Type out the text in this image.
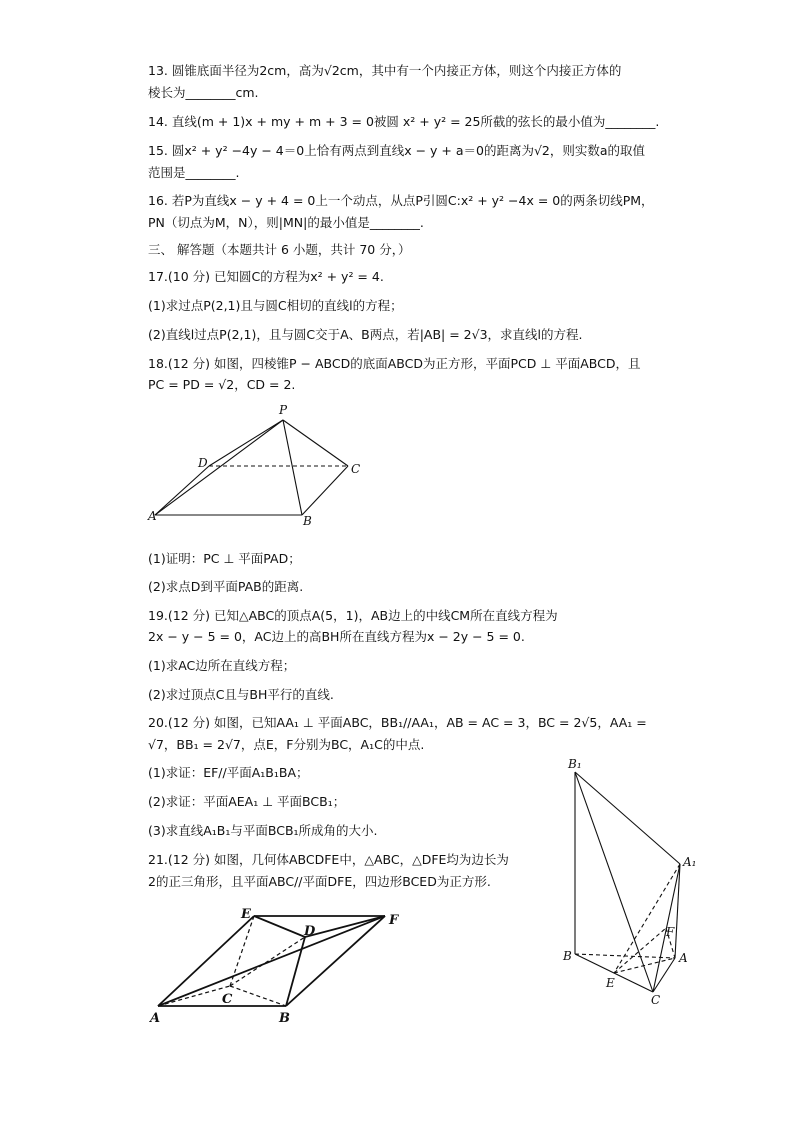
13. 圆锥底面半径为2cm，高为√2cm，其中有一个内接正方体，则这个内接正方体的
棱长为________cm.
14. 直线(m + 1)x + my + m + 3 = 0被圆 x² + y² = 25所截的弦长的最小值为________.
15. 圆x² + y² −4y − 4＝0上恰有两点到直线x − y + a＝0的距离为√2，则实数a的取值
范围是________.
16. 若P为直线x − y + 4 = 0上一个动点，从点P引圆C:x² + y² −4x = 0的两条切线PM，
PN（切点为M，N），则|MN|的最小值是________.
三、 解答题（本题共计 6 小题，共计 70 分，）
17.(10 分) 已知圆C的方程为x² + y² = 4.
(1)求过点P(2,1)且与圆C相切的直线l的方程；
(2)直线l过点P(2,1)，且与圆C交于A、B两点，若|AB| = 2√3，求直线l的方程.
18.(12 分) 如图，四棱锥P − ABCD的底面ABCD为正方形，平面PCD ⊥ 平面ABCD，且
PC = PD = √2，CD = 2.
P
D	C
A	B
(1)证明：PC ⊥ 平面PAD；
(2)求点D到平面PAB的距离.
19.(12 分) 已知△ABC的顶点A(5，1)，AB边上的中线CM所在直线方程为
2x − y − 5 = 0，AC边上的高BH所在直线方程为x − 2y − 5 = 0.
(1)求AC边所在直线方程；
(2)求过顶点C且与BH平行的直线.
20.(12 分) 如图，已知AA₁ ⊥ 平面ABC，BB₁//AA₁，AB = AC = 3，BC = 2√5，AA₁ =
√7，BB₁ = 2√7，点E，F分别为BC，A₁C的中点.
(1)求证：EF//平面A₁B₁BA；
(2)求证：平面AEA₁ ⊥ 平面BCB₁；
(3)求直线A₁B₁与平面BCB₁所成角的大小.
B₁
A₁
F
B	A
E
C
21.(12 分) 如图，几何体ABCDFE中，△ABC，△DFE均为边长为
2的正三角形，且平面ABC//平面DFE，四边形BCED为正方形.
E
D
F
C
A	B
